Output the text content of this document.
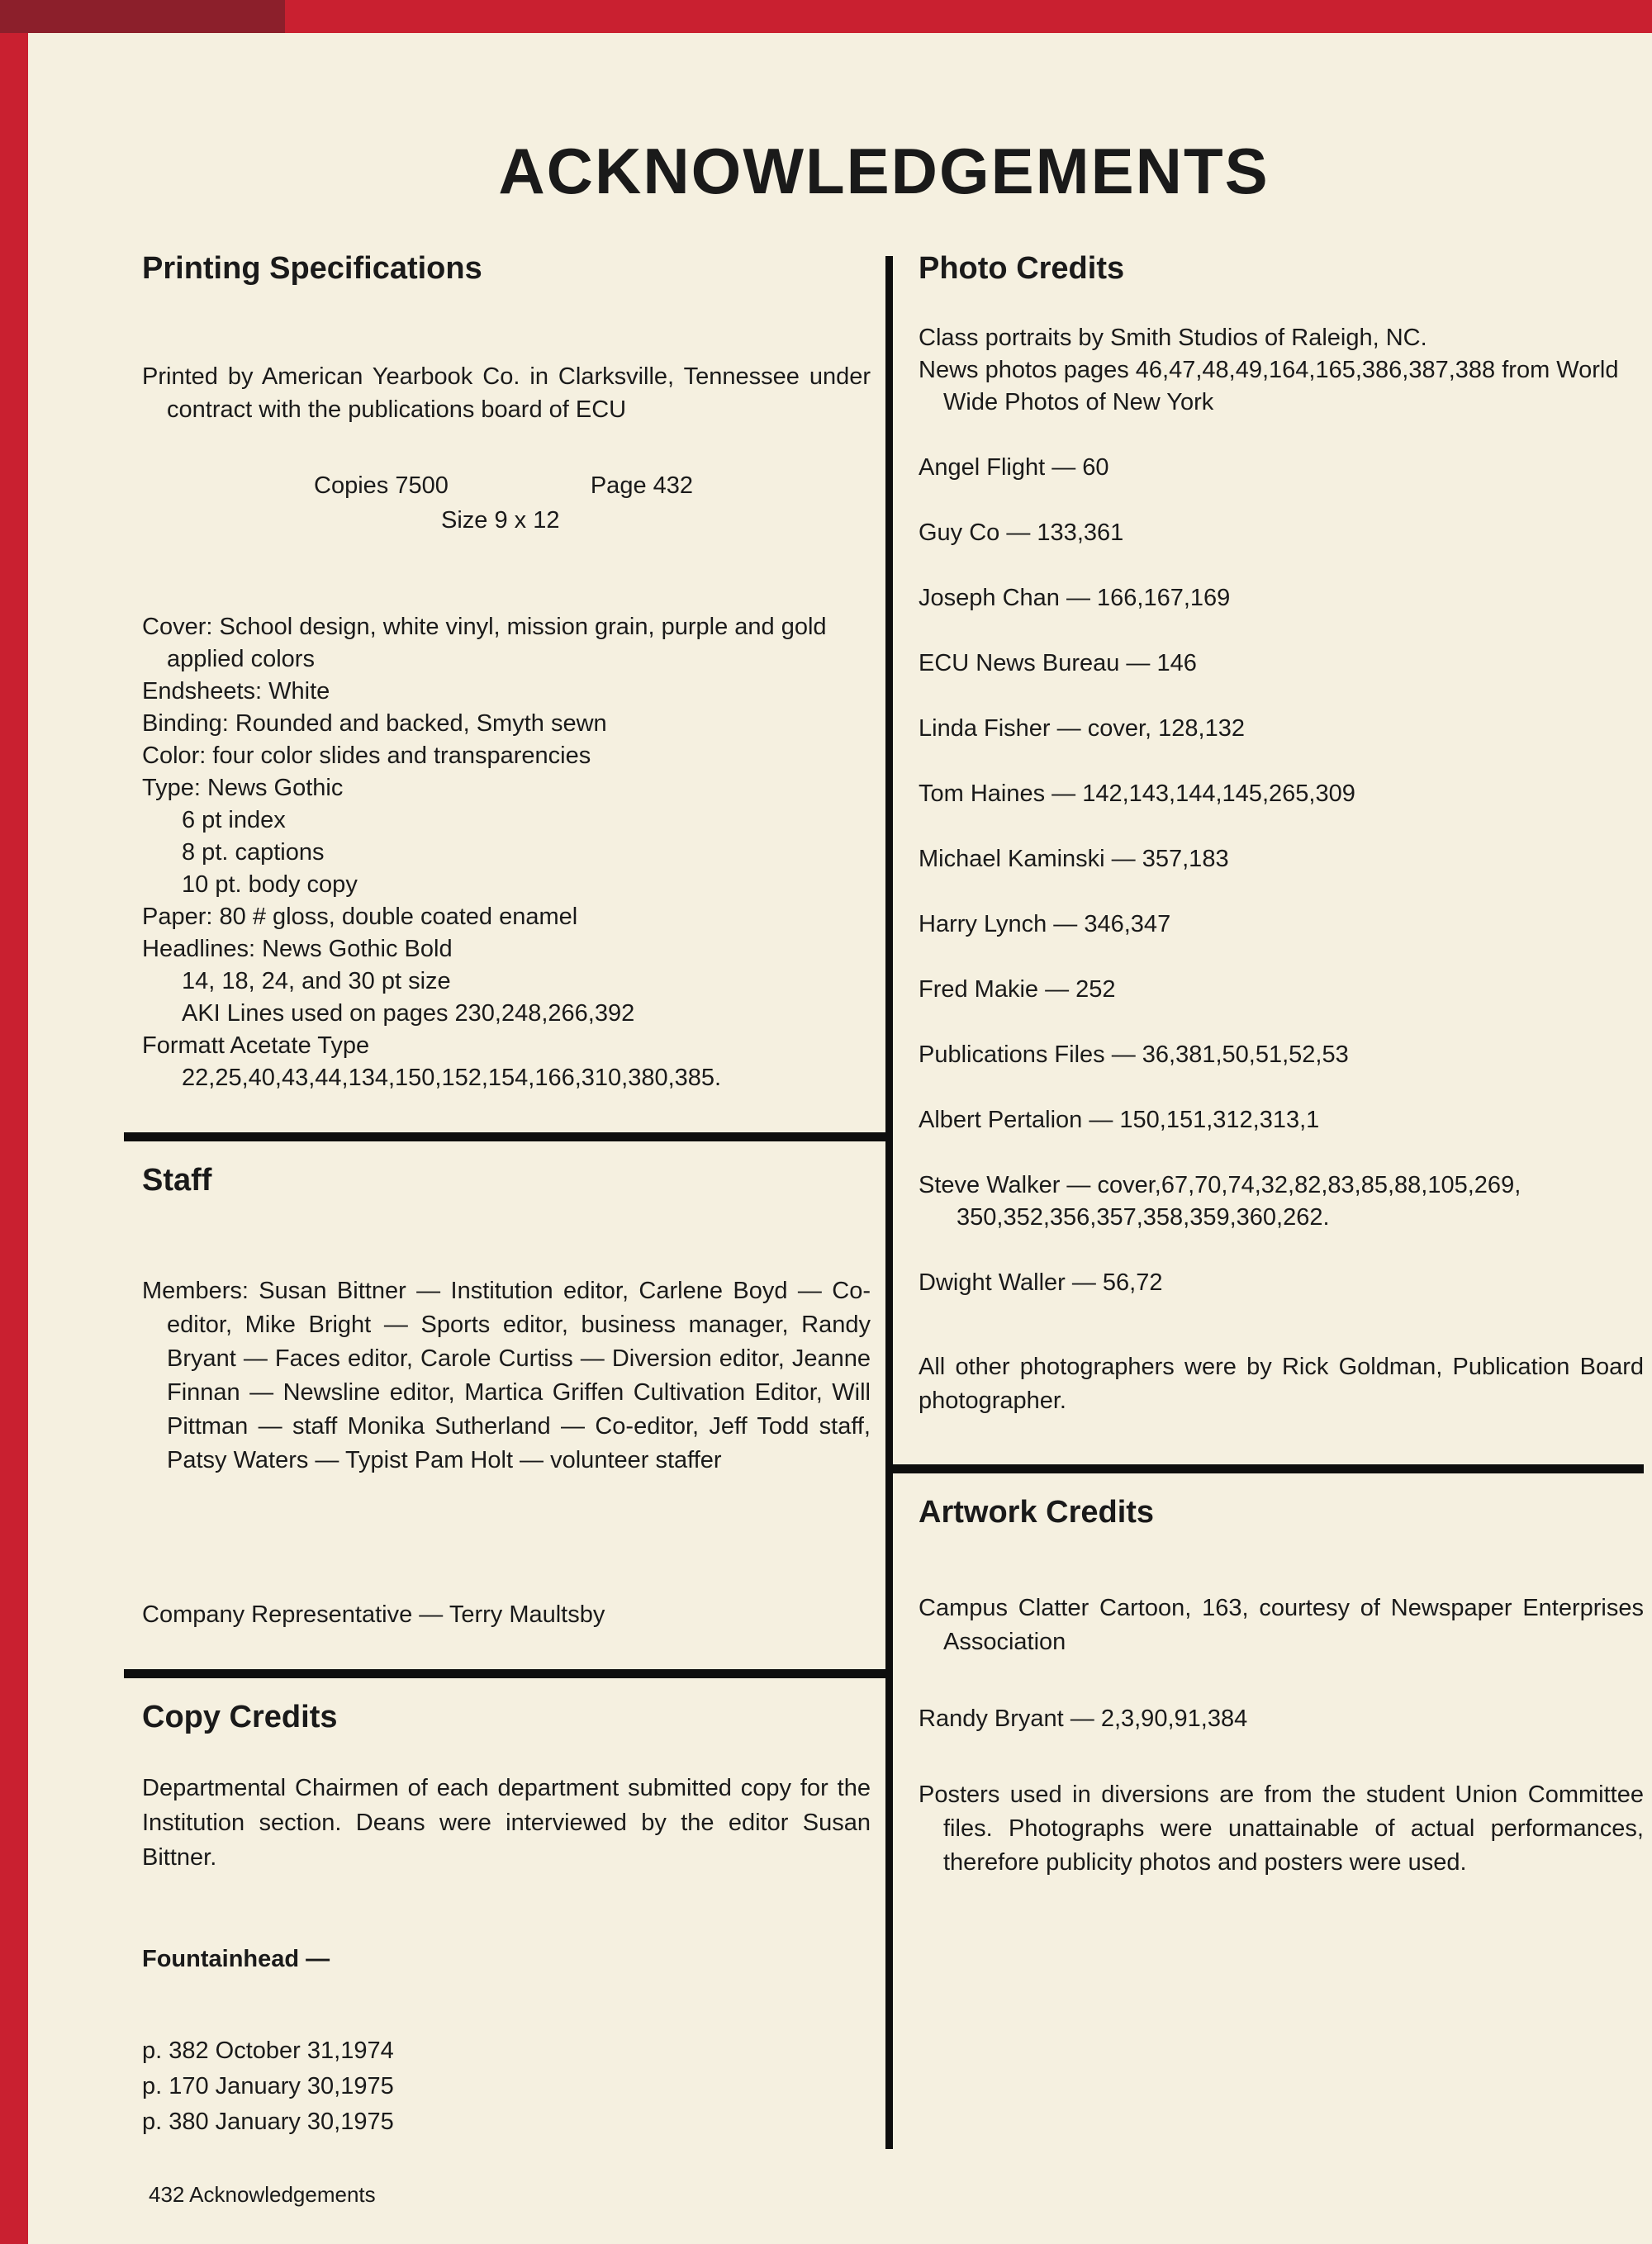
ACKNOWLEDGEMENTS
Printing Specifications

Printed by American Yearbook Co. in Clarksville, Tennessee under contract with the publications board of ECU

Copies 7500	Page 432
Size 9 x 12

Cover: School design, white vinyl, mission grain, purple and gold applied colors

Endsheets: White

Binding: Rounded and backed, Smyth sewn

Color: four color slides and transparencies

Type: News Gothic

6 pt index

8 pt. captions

10 pt. body copy

Paper: 80 # gloss, double coated enamel

Headlines: News Gothic Bold

14, 18, 24, and 30 pt size

AKI Lines used on pages 230,248,266,392

Formatt Acetate Type

22,25,40,43,44,134,150,152,154,166,310,380,385.

Staff

Members: Susan Bittner — Institution editor, Carlene Boyd — Co-editor, Mike Bright — Sports editor, business manager, Randy Bryant — Faces editor, Carole Curtiss — Diversion editor, Jeanne Finnan — Newsline editor, Martica Griffen Cultivation Editor, Will Pittman — staff Monika Sutherland — Co-editor, Jeff Todd staff, Patsy Waters — Typist Pam Holt — volunteer staffer

Company Representative — Terry Maultsby

Copy Credits

Departmental Chairmen of each department submitted copy for the Institution section. Deans were interviewed by the editor Susan Bittner.

Fountainhead —

p. 382 October 31,1974

p. 170 January 30,1975

p. 380 January 30,1975

Photo Credits

Class portraits by Smith Studios of Raleigh, NC.

News photos pages 46,47,48,49,164,165,386,387,388 from World Wide Photos of New York

Angel Flight — 60

Guy Co — 133,361

Joseph Chan — 166,167,169

ECU News Bureau — 146

Linda Fisher — cover, 128,132

Tom Haines — 142,143,144,145,265,309

Michael Kaminski — 357,183

Harry Lynch — 346,347

Fred Makie — 252

Publications Files — 36,381,50,51,52,53

Albert Pertalion — 150,151,312,313,1

Steve Walker — cover,67,70,74,32,82,83,85,88,105,269, 350,352,356,357,358,359,360,262.

Dwight Waller — 56,72

All other photographers were by Rick Goldman, Publication Board photographer.

Artwork Credits

Campus Clatter Cartoon, 163, courtesy of Newspaper Enterprises Association

Randy Bryant — 2,3,90,91,384

Posters used in diversions are from the student Union Committee files. Photographs were unattainable of actual performances, therefore publicity photos and posters were used.

432 Acknowledgements
